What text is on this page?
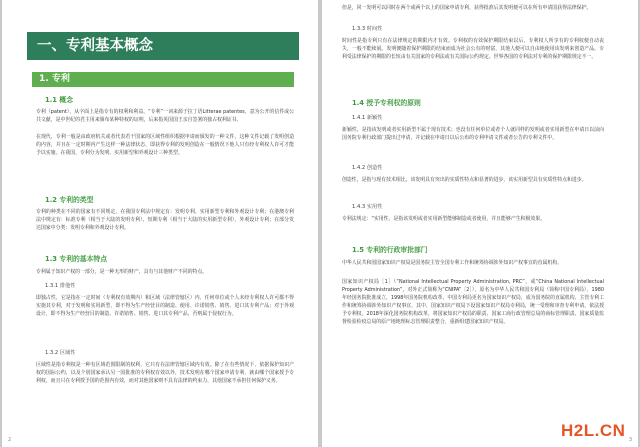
一、专利基本概念
1. 专利
1.1 概念
专利（patent），从字面上是指专有的权利和利益。“专利”一词来源于拉丁语Litterae patentes，意为公开的信件或公共文献，是中世纪的君主用来颁布某种特权的证明，后来指英国国王亲自签署的独占权利证书。
在现代，专利一般是由政府机关或者代表若干国家的区域性组织根据申请而颁发的一种文件，这种文件记载了发明创造的内容，并且在一定时期内产生这样一种法律状态，即获得专利的发明创造在一般情况下他人只有经专利权人许可才能予以实施。在我国，专利分为发明、实用新型和外观设计三种类型。
1.2 专利的类型
专利的种类在不同的国家有不同规定，在我国专利法中规定有：发明专利、实用新型专利和外观设计专利；在港澳专利法中规定有：标准专利（相当于大陆的发明专利），短期专利（相当于大陆的实用新型专利），外观设计专利；在部分发达国家中分类：发明专利和外观设计专利。
1.3 专利的基本特点
专利属于知识产权的一部分，是一种无形的财产，具有与其他财产不同的特点。
1.3.1 排他性
即独占性，它是指在一定时间（专利权有效期内）和区域（法律管辖区）内，任何单位或个人未经专利权人许可都不得实施其专利，对于发明和实用新型，即不得为生产经营目的制造、使用、许诺销售、销售、进口其专利产品；对于外观设计，即不得为生产经营目的制造、许诺销售、销售、进口其专利产品，否则属于侵权行为。
1.3.2 区域性
区域性是指专利权是一种有区域范围限制的权利，它只有在法律管辖区域内有效。除了在有些情况下，依据保护知识产权的国际公约，以及个别国家承认另一国批准的专利权有效以外，技术发明在哪个国家申请专利，就由哪个国家授予专利权，而且只在专利授予国的范围内有效，而对其他国家则不具有法律的约束力，其他国家不承担任何保护义务。
2
但是，同一发明可以同时在两个或两个以上的国家申请专利，获得批准后其发明便可以在所有申请国获得法律保护。
1.3.3 时间性
时间性是指专利只有在法律规定的期限内才有效。专利权的有效保护期限结束以后，专利权人所享有的专利权便自动丧失，一般不能续展。发明便随着保护期限的结束而成为社会公有的财富，其他人便可以自由地使用该发明来创造产品。专利受法律保护的期限的长短由有关国家的专利法或有关国际公约规定。世界各国的专利法对专利的保护期限规定不一。
1.4 授予专利权的原则
1.4.1 新颖性
新颖性，是指该发明或者实用新型不属于现有技术；也没有任何单位或者个人就同样的发明或者实用新型在申请日以前向国务院专利行政部门提出过申请，并记载在申请日以后公布的专利申请文件或者公告的专利文件中。
1.4.2 创造性
创造性，是指与现有技术相比，该发明具有突出的实质性特点和显著的进步，该实用新型具有实质性特点和进步。
1.4.3 实用性
专利法规定：“实用性，是指该发明或者实用新型能够制造或者使用，并且能够产生积极效果。
1.5 专利的行政审批部门
中华人民共和国国家知识产权局是国务院主管全国专利工作和统筹协调涉外知识产权事宜的直属机构。
国家知识产权局［1］（“National Intellectual Property Administration, PRC”，或“China National Intellectual Property Administration”，对外正式简称为“CNIPA”［2］），原名为中华人民共和国专利局（简称中国专利局），1980年经国务院批准成立，1998年国务院机构改革，中国专利局更名为国家知识产权局，成为国务院的直属机构，主管专利工作和统筹协调涉外知识产权事宜，其中，国家知识产权局下设国家知识产权局专利局，统一受理和审查专利申请，依法授予专利权。2018年深化国务院机构改革，将国家知识产权局的职责、国家工商行政管理总局的商标管理职责、国家质量监督检验检疫总局的原产地地理标志管理职责整合，重新组建国家知识产权局。
3
H2L.CN
